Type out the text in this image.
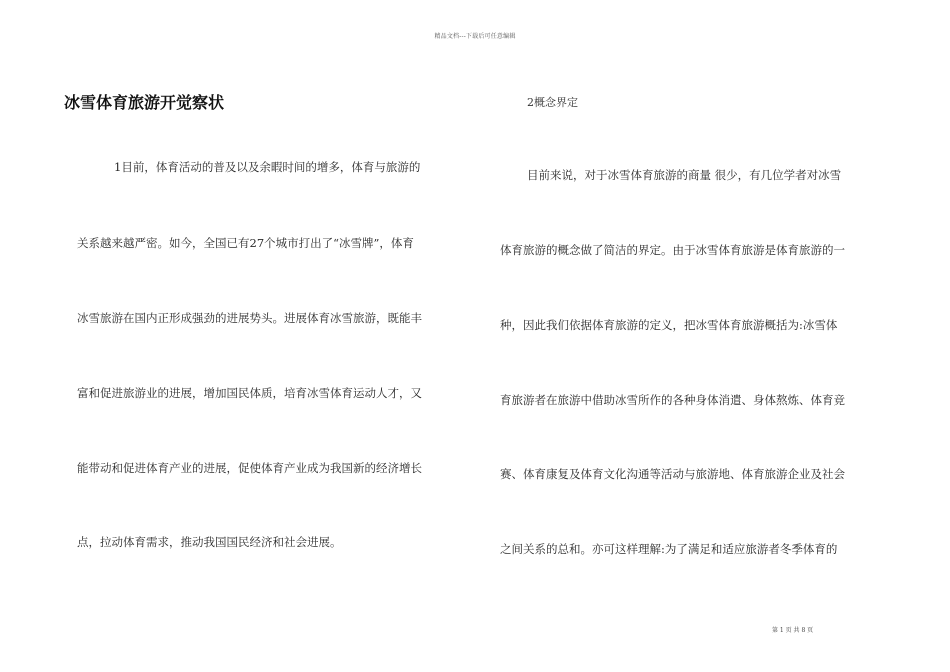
精品文档---下载后可任意编辑
冰雪体育旅游开觉察状
1目前，体育活动的普及以及余暇时间的增多，体育与旅游的
关系越来越严密。如今，全国已有27个城市打出了“冰雪牌”，体育
冰雪旅游在国内正形成强劲的进展势头。进展体育冰雪旅游，既能丰
富和促进旅游业的进展，增加国民体质，培育冰雪体育运动人才，又
能带动和促进体育产业的进展，促使体育产业成为我国新的经济增长
点，拉动体育需求，推动我国国民经济和社会进展。
2概念界定
目前来说，对于冰雪体育旅游的商量 很少，有几位学者对冰雪
体育旅游的概念做了简洁的界定。由于冰雪体育旅游是体育旅游的一
种，因此我们依据体育旅游的定义，把冰雪体育旅游概括为:冰雪体
育旅游者在旅游中借助冰雪所作的各种身体消遣、身体熬炼、体育竞
赛、体育康复及体育文化沟通等活动与旅游地、体育旅游企业及社会
之间关系的总和。亦可这样理解:为了满足和适应旅游者冬季体育的
第 1 页 共 8 页
